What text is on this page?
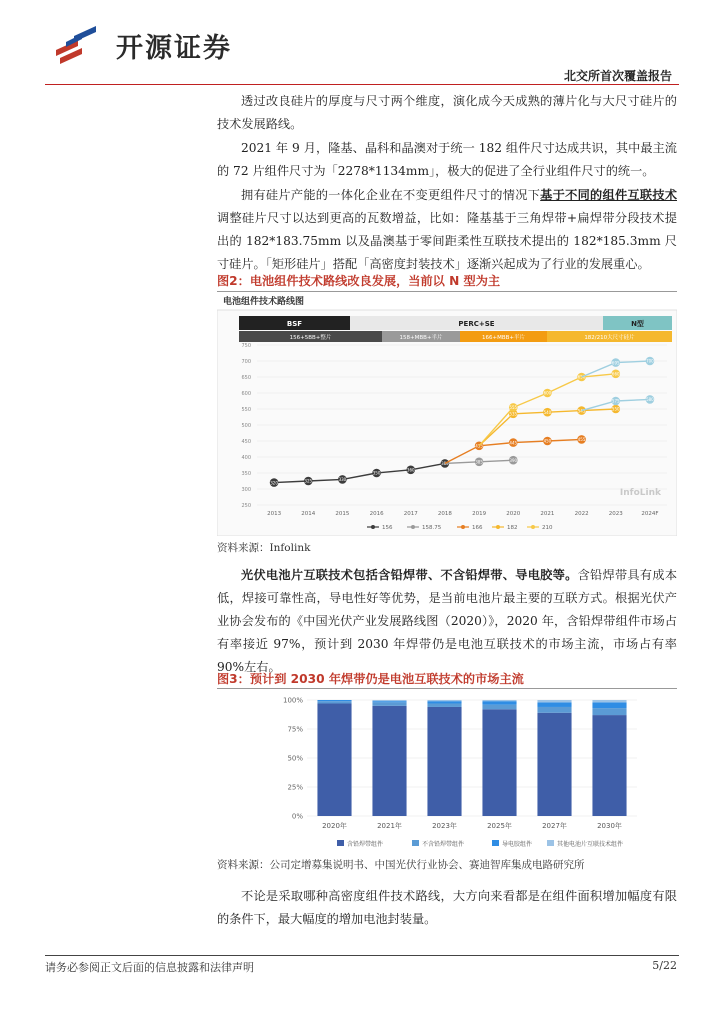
开源证券
北交所首次覆盖报告
透过改良硅片的厚度与尺寸两个维度，演化成今天成熟的薄片化与大尺寸硅片的技术发展路线。
2021 年 9 月，隆基、晶科和晶澳对于统一 182 组件尺寸达成共识，其中最主流的 72 片组件尺寸为「2278*1134mm」，极大的促进了全行业组件尺寸的统一。
拥有硅片产能的一体化企业在不变更组件尺寸的情况下基于不同的组件互联技术调整硅片尺寸以达到更高的瓦数增益，比如：隆基基于三角焊带+扁焊带分段技术提出的 182*183.75mm 以及晶澳基于零间距柔性互联技术提出的 182*185.3mm 尺寸硅片。「矩形硅片」搭配「高密度封装技术」逐渐兴起成为了行业的发展重心。
图2：电池组件技术路线改良发展，当前以 N 型为主
电池组件技术路线图
BSF	PERC+SE	N型
156+5BB+整片	158+MBB+半片	166+MBB+半片	182/210大尺寸硅片
250
300
350
400
450
500
550
600
650
700
750
2013	2014	2015	2016	2017	2018	2019	2020	2021	2022	2023	2024F
InfoLink
320	325	330
350
360
380	385	390
435
445	450	455
535	540	545	550
555
600
650
660
575	580
695	700
156	158.75	166	182	210
资料来源：Infolink
光伏电池片互联技术包括含铅焊带、不含铅焊带、导电胶等。含铅焊带具有成本低，焊接可靠性高，导电性好等优势，是当前电池片最主要的互联方式。根据光伏产业协会发布的《中国光伏产业发展路线图（2020）》，2020 年，含铅焊带组件市场占有率接近 97%，预计到 2030 年焊带仍是电池互联技术的市场主流，市场占有率 90%左右。
图3：预计到 2030 年焊带仍是电池互联技术的市场主流
0%
25%
50%
75%
100%
2020年	2021年	2023年	2025年	2027年	2030年
含铅焊带组件	不含铅焊带组件	导电胶组件	其他电池片互联技术组件
资料来源：公司定增募集说明书、中国光伏行业协会、赛迪智库集成电路研究所
不论是采取哪种高密度组件技术路线，大方向来看都是在组件面积增加幅度有限的条件下，最大幅度的增加电池封装量。
请务必参阅正文后面的信息披露和法律声明	5/22
